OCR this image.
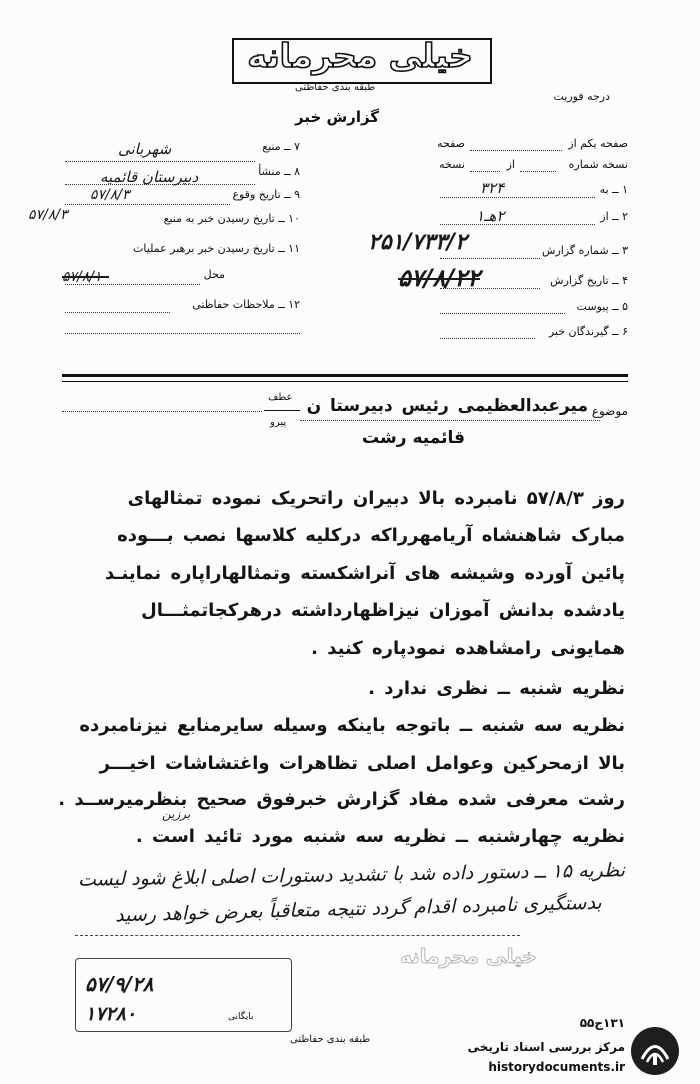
خیلی محرمانه
طبقه بندی حفاظتی
درجه فوریت
گزارش خبر
صفحه یکم از
صفحه
نسخه شماره
از
نسخه
۱ ــ به
۳۲۴
۲ ــ از
۲هـ۱
۳ ــ شماره گزارش
۲۵۱/۷۳۳/۲
۴ ــ تاریخ گزارش
۵۷/۸/۲۲
۵ ــ پیوست
۶ ــ گیرندگان خبر
۷ ــ منبع
شهربانی
۸ ــ منشأ
دبیرستان قائمیه
۹ ــ تاریخ وقوع
۵۷/۸/۳
۱۰ ــ تاریخ رسیدن خبر به منبع
۵۷/۸/۳
۱۱ ــ تاریخ رسیدن خبر برهبر عملیات
محل
۵۷/۸/۱۰
۱۲ ــ ملاحظات حفاظتی
موضوع
میرعبدالعظیمی رئیس دبیرستا ن
عطف
پیرو
قائمیه رشت
روز ۵۷/۸/۳ نامبرده بالا دبیران راتحریک نموده تمثالهای
مبارک شاهنشاه آریامهرراکه درکلیه کلاسها نصب بـــوده
پائین آورده وشیشه های آنراشکسته وتمثالهاراپاره نماینـد
یادشده بدانش آموزان نیزاظهارداشته درهرکجاتمثـــال
همایونی رامشاهده نمودپاره کنید .
نظریه شنبه ــ نظری ندارد .
نظریه سه شنبه ــ باتوجه باینکه وسیله سایرمنابع نیزنامبرده
بالا ازمحرکین وعوامل اصلی تظاهرات واغتشاشات اخیـــر
رشت معرفی شده مفاد گزارش خبرفوق صحیح بنظرمیرســد .
برزین
نظریه چهارشنبه ــ نظریه سه شنبه مورد تائید است .
نظریه ۱۵ ــ دستور داده شد با تشدید دستورات اصلی ابلاغ شود لیست
بدستگیری نامبرده اقدام گردد نتیجه متعاقباً بعرض خواهد رسید
خیلی محرمانه
۵۷/۹/۲۸
۱۷۲۸۰	بایگانی
طبقه بندی حفاظتی
۱۳۱ج۵۵
مرکز بررسی اسناد تاریخی
historydocuments.ir
